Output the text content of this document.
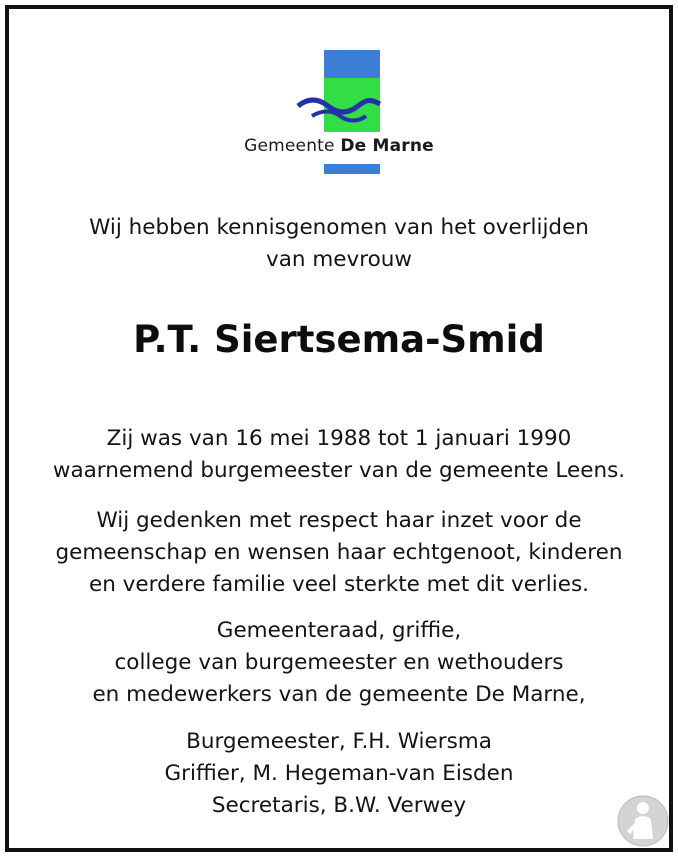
Gemeente De Marne
Wij hebben kennisgenomen van het overlijden
van mevrouw
P.T. Siertsema-Smid
Zij was van 16 mei 1988 tot 1 januari 1990
waarnemend burgemeester van de gemeente Leens.
Wij gedenken met respect haar inzet voor de
gemeenschap en wensen haar echtgenoot, kinderen
en verdere familie veel sterkte met dit verlies.
Gemeenteraad, griffie,
college van burgemeester en wethouders
en medewerkers van de gemeente De Marne,
Burgemeester, F.H. Wiersma
Griffier, M. Hegeman-van Eisden
Secretaris, B.W. Verwey
